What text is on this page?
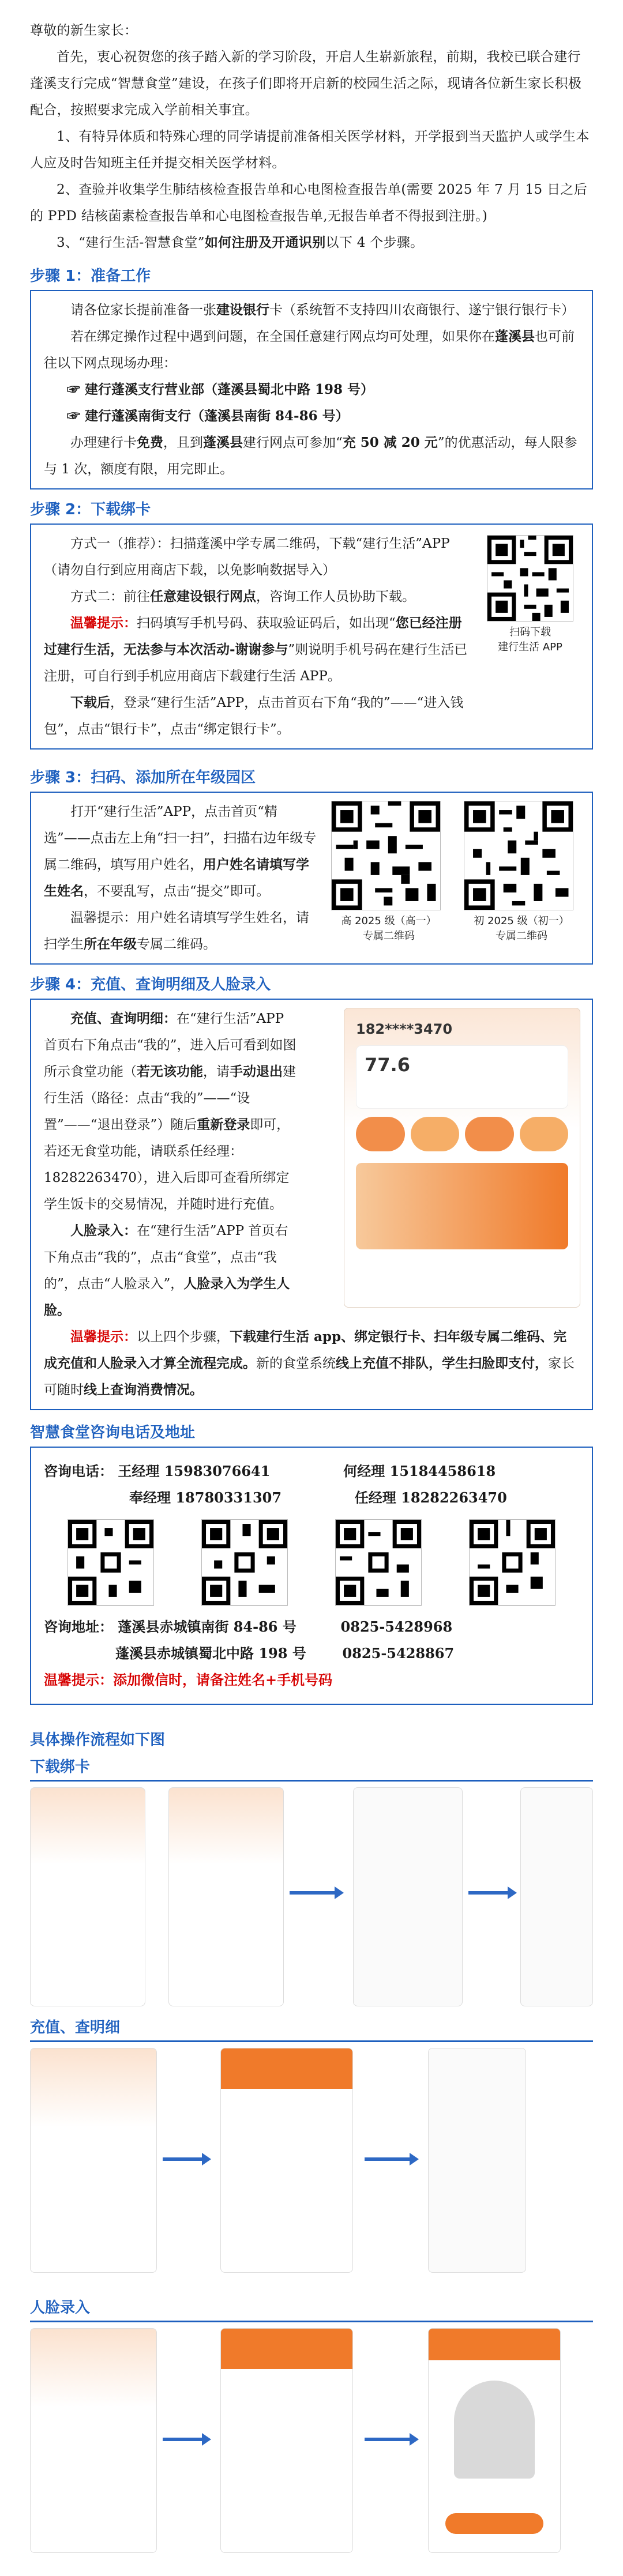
尊敬的新生家长：

首先，衷心祝贺您的孩子踏入新的学习阶段，开启人生崭新旅程，前期，我校已联合建行蓬溪支行完成“智慧食堂”建设，在孩子们即将开启新的校园生活之际，现请各位新生家长积极配合，按照要求完成入学前相关事宜。

1、有特异体质和特殊心理的同学请提前准备相关医学材料，开学报到当天监护人或学生本人应及时告知班主任并提交相关医学材料。

2、查验并收集学生肺结核检查报告单和心电图检查报告单(需要 2025 年 7 月 15 日之后的 PPD 结核菌素检查报告单和心电图检查报告单,无报告单者不得报到注册。)

3、“建行生活-智慧食堂”如何注册及开通识别以下 4 个步骤。

步骤 1：准备工作

请各位家长提前准备一张建设银行卡（系统暂不支持四川农商银行、遂宁银行银行卡）

若在绑定操作过程中遇到问题，在全国任意建行网点均可处理，如果你在蓬溪县也可前往以下网点现场办理：

☞ 建行蓬溪支行营业部（蓬溪县蜀北中路 198 号）

☞ 建行蓬溪南街支行（蓬溪县南街 84-86 号）

办理建行卡免费，且到蓬溪县建行网点可参加“充 50 减 20 元”的优惠活动，每人限参与 1 次，额度有限，用完即止。

步骤 2：下载绑卡

方式一（推荐）：扫描蓬溪中学专属二维码，下载“建行生活”APP（请勿自行到应用商店下载，以免影响数据导入）

方式二：前往任意建设银行网点，咨询工作人员协助下载。

温馨提示：扫码填写手机号码、获取验证码后，如出现“您已经注册过建行生活，无法参与本次活动-谢谢参与”则说明手机号码在建行生活已注册，可自行到手机应用商店下载建行生活 APP。

下载后，登录“建行生活”APP，点击首页右下角“我的”——“进入钱包”，点击“银行卡”，点击“绑定银行卡”。

扫码下载
建行生活 APP
步骤 3：扫码、添加所在年级园区

打开“建行生活”APP，点击首页“精选”——点击左上角“扫一扫”，扫描右边年级专属二维码，填写用户姓名，用户姓名请填写学生姓名，不要乱写，点击“提交”即可。

温馨提示：用户姓名请填写学生姓名，请扫学生所在年级专属二维码。

高 2025 级（高一）
专属二维码
初 2025 级（初一）
专属二维码
步骤 4：充值、查询明细及人脸录入
182****3470
77.6

充值、查询明细：在“建行生活”APP 首页右下角点击“我的”，进入后可看到如图所示食堂功能（若无该功能，请手动退出建行生活（路径：点击“我的”——“设置”——“退出登录”）随后重新登录即可，若还无食堂功能，请联系任经理：18282263470），进入后即可查看所绑定学生饭卡的交易情况，并随时进行充值。

人脸录入：在“建行生活”APP 首页右下角点击“我的”，点击“食堂”，点击“我的”，点击“人脸录入”，人脸录入为学生人脸。

温馨提示：以上四个步骤，下载建行生活 app、绑定银行卡、扫年级专属二维码、完成充值和人脸录入才算全流程完成。新的食堂系统线上充值不排队，学生扫脸即支付，家长可随时线上查询消费情况。

智慧食堂咨询电话及地址
咨询电话： 王经理 15983076641	何经理 15184458618
奉经理 18780331307	任经理 18282263470
咨询地址： 蓬溪县赤城镇南街 84-86 号	0825-5428968
蓬溪县赤城镇蜀北中路 198 号	0825-5428867
温馨提示：添加微信时，请备注姓名+手机号码
具体操作流程如下图
下载绑卡
充值、查明细
人脸录入
